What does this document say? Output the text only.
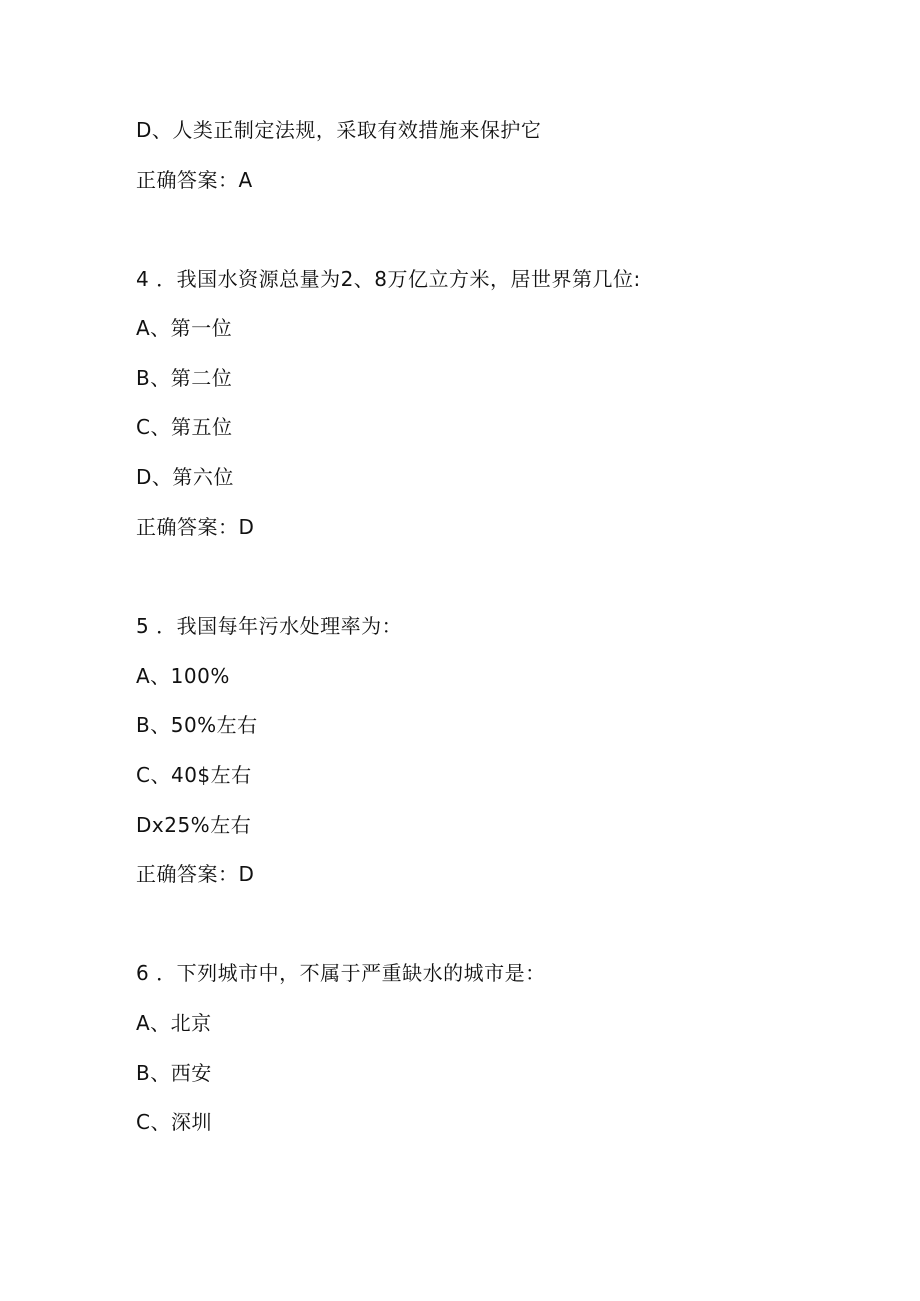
D、人类正制定法规，采取有效措施来保护它
正确答案：A
4 ．我国水资源总量为2、8万亿立方米，居世界第几位:
A、第一位
B、第二位
C、第五位
D、第六位
正确答案：D
5 ．我国每年污水处理率为：
A、100%
B、50%左右
C、40$左右
Dx25%左右
正确答案：D
6 ．下列城市中，不属于严重缺水的城市是：
A、北京
B、西安
C、深圳
